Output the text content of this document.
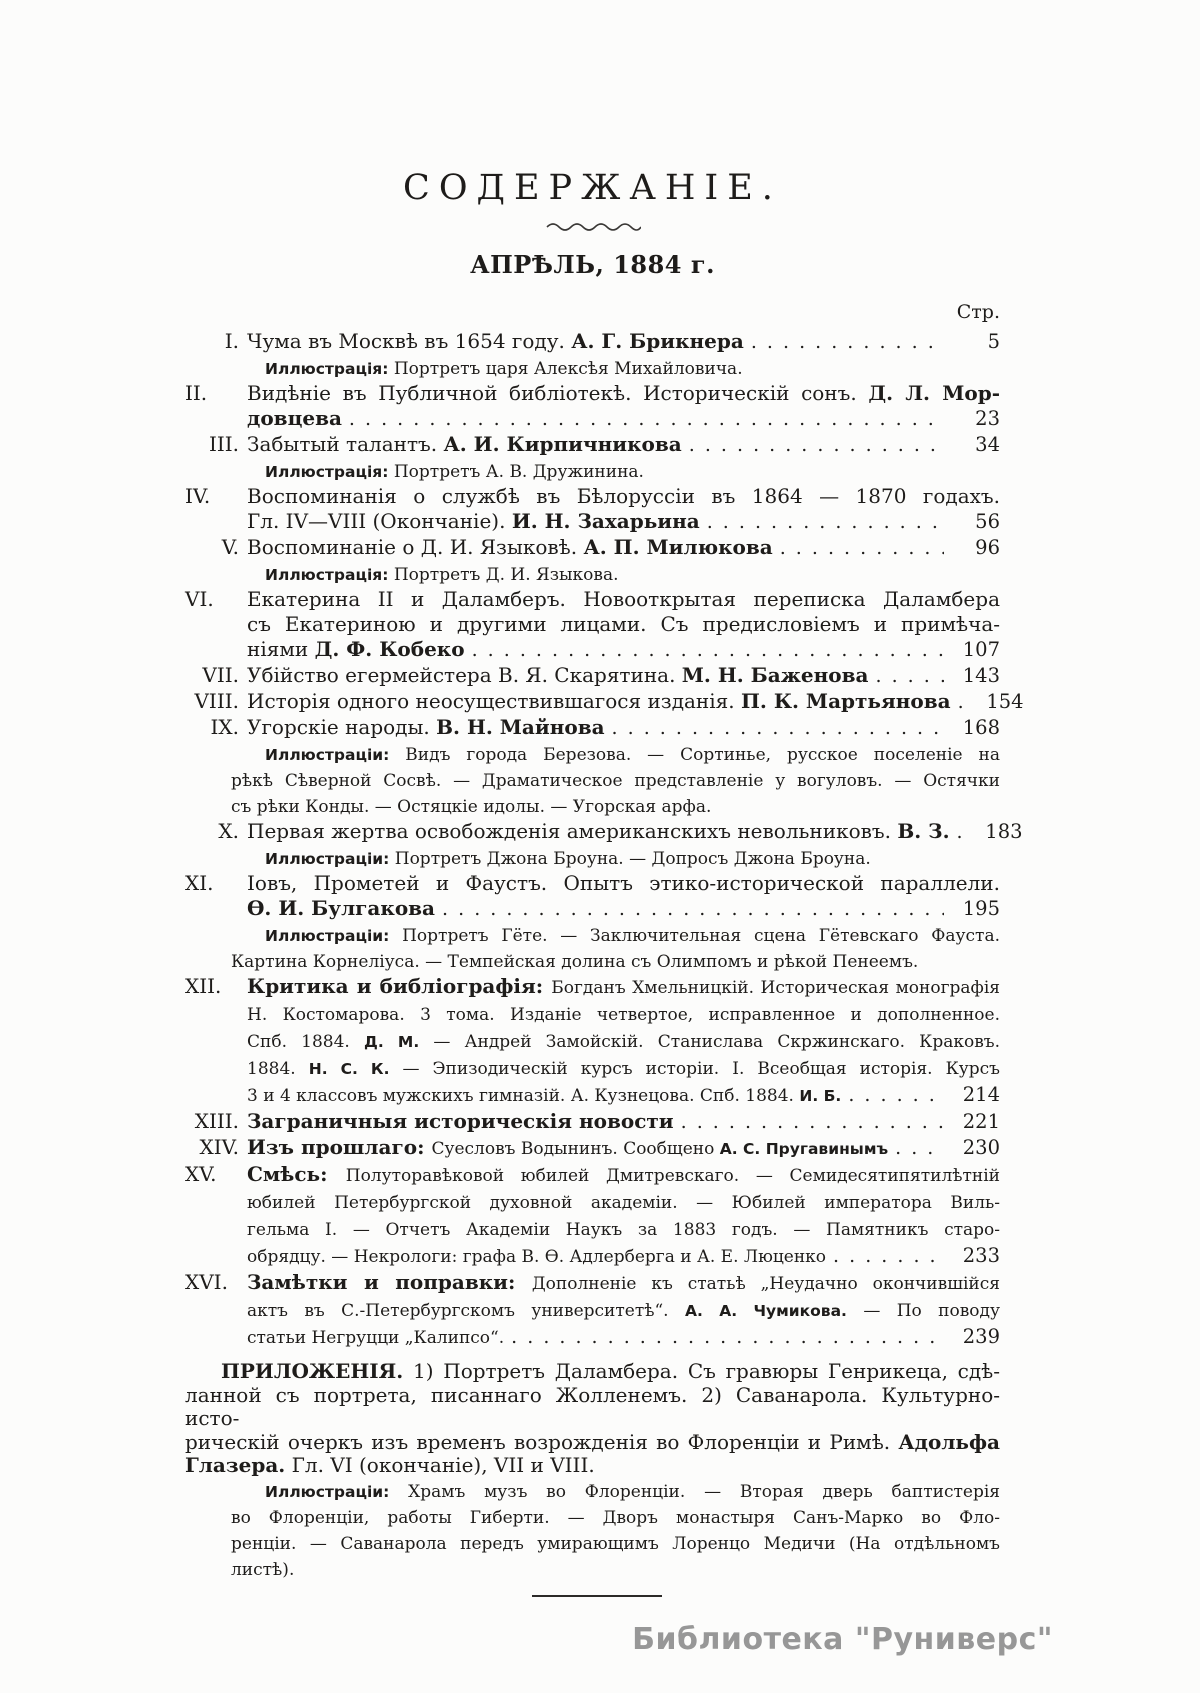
СОДЕРЖАНІЕ.
АПРѢЛЬ, 1884 г.
Стр.
I. Чума въ Москвѣ въ 1654 году. А. Г. Брикнера . . .	5
Иллюстрація: Портретъ царя Алексѣя Михайловича.
II.	Видѣніе въ Публичной библіотекѣ. Историческій сонъ. Д. Л. Мор-
довцева . . .	23
III. Забытый талантъ. А. И. Кирпичникова . . .	34
Иллюстрація: Портретъ А. В. Дружинина.
IV.	Воспоминанія о службѣ въ Бѣлоруссіи въ 1864 — 1870 годахъ.
Гл. IV—VIII (Окончаніе). И. Н. Захарьина . . .	56
V. Воспоминаніе о Д. И. Языковѣ. А. П. Милюкова . . .	96
Иллюстрація: Портретъ Д. И. Языкова.
VI.	Екатерина II и Даламберъ. Новооткрытая переписка Даламбера
съ Екатериною и другими лицами. Съ предисловіемъ и примѣча-
ніями Д. Ф. Кобеко . . .	107
VII. Убійство егермейстера В. Я. Скарятина. М. Н. Баженова . . .	143
VIII. Исторія одного неосуществившагося изданія. П. К. Мартьянова . . .	154
IX. Угорскіе народы. В. Н. Майнова . . .	168
Иллюстраціи: Видъ города Березова. — Сортинье, русское поселеніе на
рѣкѣ Сѣверной Сосвѣ. — Драматическое представленіе у вогуловъ. — Остячки
съ рѣки Конды. — Остяцкіе идолы. — Угорская арфа.
X. Первая жертва освобожденія американскихъ невольниковъ. В. З. . . .	183
Иллюстраціи: Портретъ Джона Броуна. — Допросъ Джона Броуна.
XI.	Іовъ, Прометей и Фаустъ. Опытъ этико-исторической параллели.
Ѳ. И. Булгакова . . .	195
Иллюстраціи: Портретъ Гёте. — Заключительная сцена Гётевскаго Фауста.
Картина Корнеліуса. — Темпейская долина съ Олимпомъ и рѣкой Пенеемъ.
XII.	Критика и библіографія: Богданъ Хмельницкій. Историческая монографія
Н. Костомарова. 3 тома. Изданіе четвертое, исправленное и дополненное.
Спб. 1884. Д. М. — Андрей Замойскій. Станислава Скржинскаго. Краковъ.
1884. Н. С. К. — Эпизодическій курсъ исторіи. I. Всеобщая исторія. Курсъ
3 и 4 классовъ мужскихъ гимназій. А. Кузнецова. Спб. 1884. И. Б. . . .	214
XIII. Заграничныя историческія новости . . .	221
XIV. Изъ прошлаго: Суесловъ Водынинъ. Сообщено А. С. Пругавинымъ . . .	230
XV.	Смѣсь: Полуторавѣковой юбилей Дмитревскаго. — Семидесятипятилѣтній
юбилей Петербургской духовной академіи. — Юбилей императора Виль-
гельма I. — Отчетъ Академіи Наукъ за 1883 годъ. — Памятникъ старо-
обрядцу. — Некрологи: графа В. Ѳ. Адлерберга и А. Е. Люценко . . .	233
XVI. Замѣтки и поправки: Дополненіе къ статьѣ „Неудачно окончившійся
актъ въ С.-Петербургскомъ университетѣ“. А. А. Чумикова. — По поводу
статьи Негруцци „Калипсо“. . . .	239
ПРИЛОЖЕНІЯ. 1) Портретъ Даламбера. Съ гравюры Генрикеца, сдѣ-
ланной съ портрета, писаннаго Жолленемъ. 2) Саванарола. Культурно-исто-
рическій очеркъ изъ временъ возрожденія во Флоренціи и Римѣ. Адольфа
Глазера. Гл. VI (окончаніе), VII и VIII.
Иллюстраціи: Храмъ музъ во Флоренціи. — Вторая дверь баптистерія
во Флоренціи, работы Гиберти. — Дворъ монастыря Санъ-Марко во Фло-
ренціи. — Саванарола передъ умирающимъ Лоренцо Медичи (На отдѣльномъ
листѣ).
Библиотека "Руниверс"
